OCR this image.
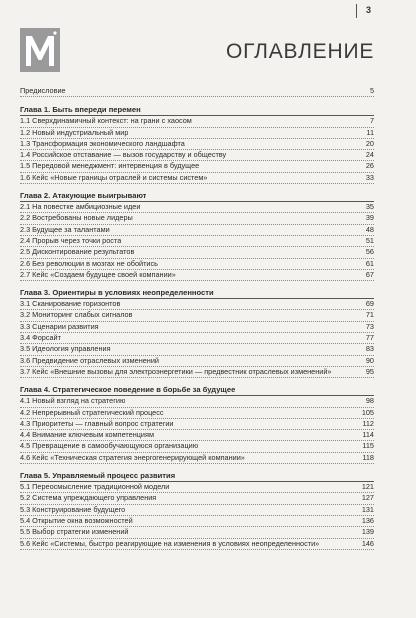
3
ОГЛАВЛЕНИЕ
Предисловие	5
Глава 1. Быть впереди перемен
1.1 Сверхдинамичный контекст: на грани с хаосом	7
1.2 Новый индустриальный мир	11
1.3 Трансформация экономического ландшафта	20
1.4 Российское отставание — вызов государству и обществу	24
1.5 Передовой менеджмент: интервенция в будущее	26
1.6 Кейс «Новые границы отраслей и системы систем»	33
Глава 2. Атакующие выигрывают
2.1 На повестке амбициозные идеи	35
2.2 Востребованы новые лидеры	39
2.3 Будущее за талантами	48
2.4 Прорыв через точки роста	51
2.5 Дисконтирование результатов	56
2.6 Без революции в мозгах не обойтись	61
2.7 Кейс «Создаем будущее своей компании»	67
Глава 3. Ориентиры в условиях неопределенности
3.1 Сканирование горизонтов	69
3.2 Мониторинг слабых сигналов	71
3.3 Сценарии развития	73
3.4 Форсайт	77
3.5 Идеология управления	83
3.6 Предвидение отраслевых изменений	90
3.7 Кейс «Внешние вызовы для электроэнергетики — предвестник отраслевых изменений»	95
Глава 4. Стратегическое поведение в борьбе за будущее
4.1 Новый взгляд на стратегию	98
4.2 Непрерывный стратегический процесс	105
4.3 Приоритеты — главный вопрос стратегии	112
4.4 Внимание ключевым компетенциям	114
4.5 Превращение в самообучающуюся организацию	115
4.6 Кейс «Техническая стратегия энергогенерирующей компании»	118
Глава 5. Управляемый процесс развития
5.1 Переосмысление традиционной модели	121
5.2 Система упреждающего управления	127
5.3 Конструирование будущего	131
5.4 Открытие окна возможностей	136
5.5 Выбор стратегии изменений	139
5.6 Кейс «Системы, быстро реагирующие на изменения в условиях неопределенности»	146
